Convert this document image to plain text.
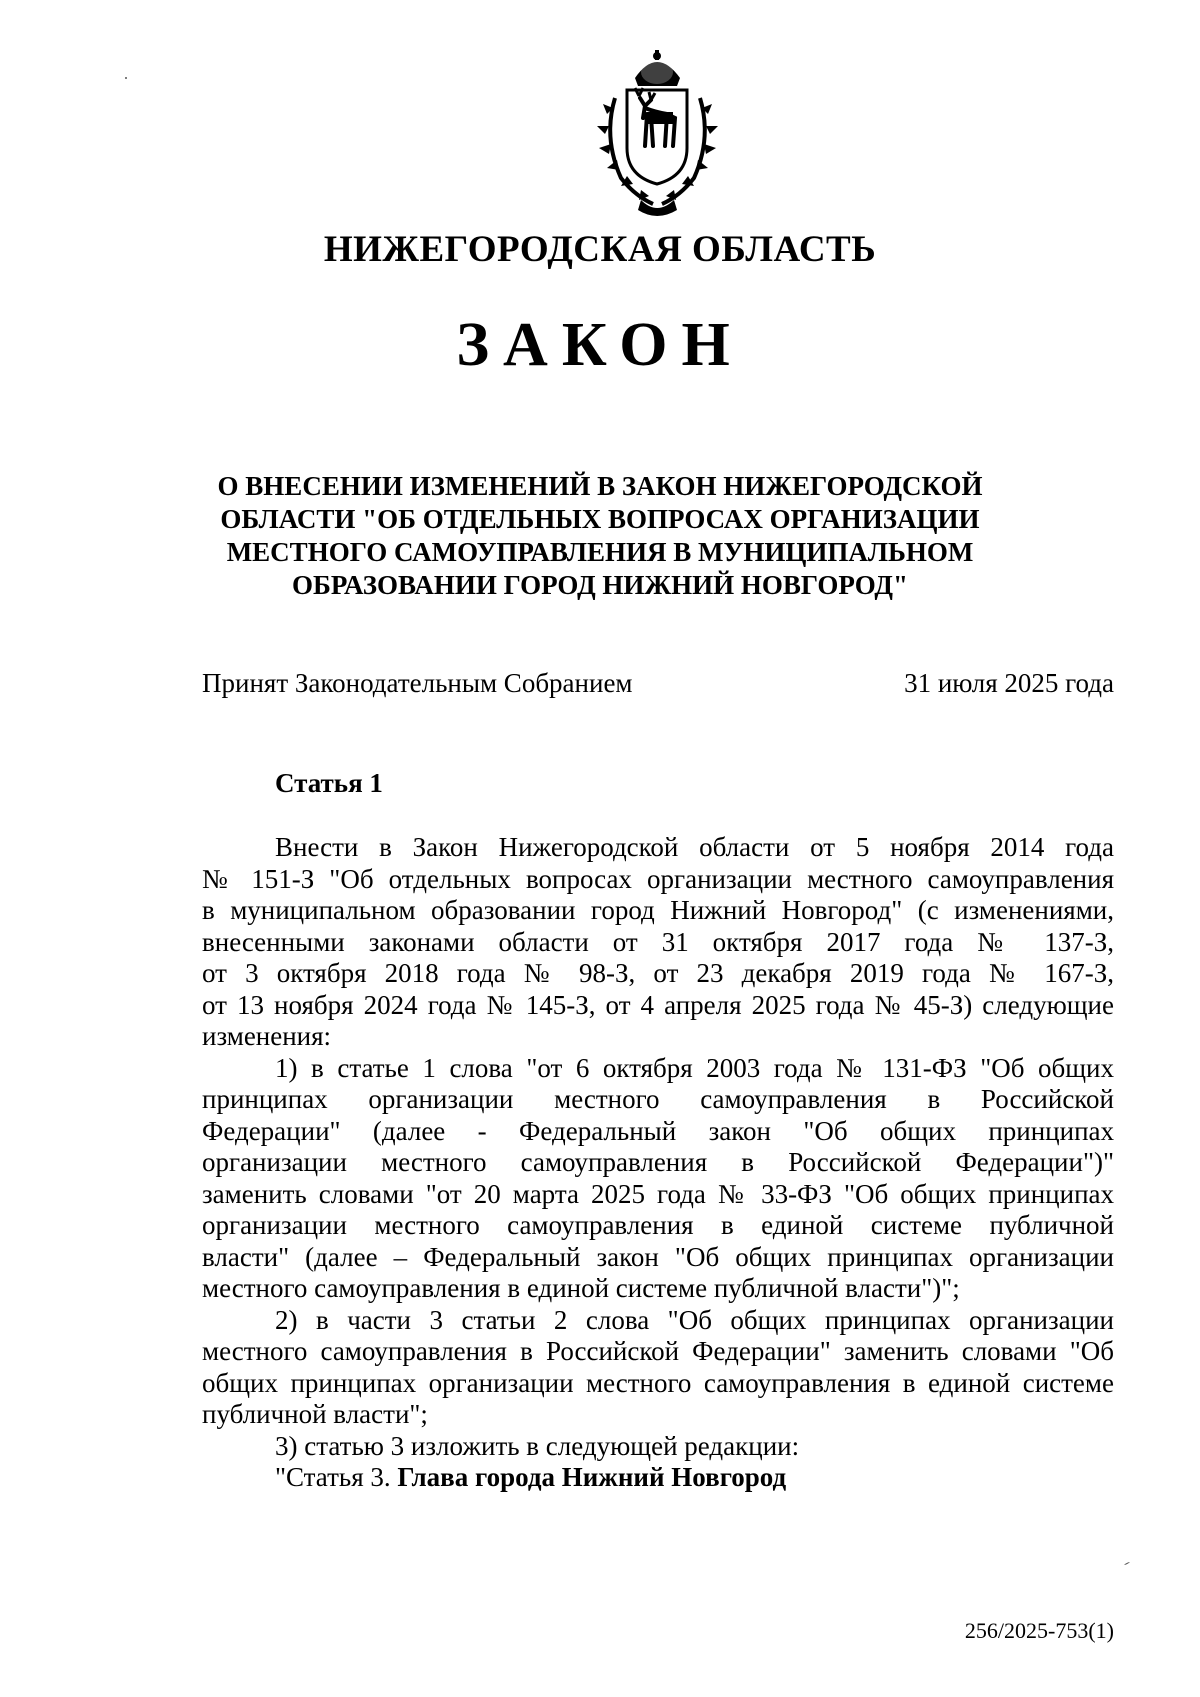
НИЖЕГОРОДСКАЯ ОБЛАСТЬ
ЗАКОН
О ВНЕСЕНИИ ИЗМЕНЕНИЙ В ЗАКОН НИЖЕГОРОДСКОЙ
ОБЛАСТИ "ОБ ОТДЕЛЬНЫХ ВОПРОСАХ ОРГАНИЗАЦИИ
МЕСТНОГО САМОУПРАВЛЕНИЯ В МУНИЦИПАЛЬНОМ
ОБРАЗОВАНИИ ГОРОД НИЖНИЙ НОВГОРОД"
Принят Законодательным Собранием	31 июля 2025 года
Статья 1
Внести в Закон Нижегородской области от 5 ноября 2014 года
№ 151-З "Об отдельных вопросах организации местного самоуправления
в муниципальном образовании город Нижний Новгород" (с изменениями,
внесенными законами области от 31 октября 2017 года № 137-З,
от 3 октября 2018 года № 98-З, от 23 декабря 2019 года № 167-З,
от 13 ноября 2024 года № 145-З, от 4 апреля 2025 года № 45-З) следующие
изменения:
1) в статье 1 слова "от 6 октября 2003 года № 131-ФЗ "Об общих
принципах организации местного самоуправления в Российской
Федерации" (далее - Федеральный закон "Об общих принципах
организации местного самоуправления в Российской Федерации")"
заменить словами "от 20 марта 2025 года № 33-ФЗ "Об общих принципах
организации местного самоуправления в единой системе публичной
власти" (далее – Федеральный закон "Об общих принципах организации
местного самоуправления в единой системе публичной власти")";
2) в части 3 статьи 2 слова "Об общих принципах организации
местного самоуправления в Российской Федерации" заменить словами "Об
общих принципах организации местного самоуправления в единой системе
публичной власти";
3) статью 3 изложить в следующей редакции:
"Статья 3. Глава города Нижний Новгород
256/2025-753(1)
